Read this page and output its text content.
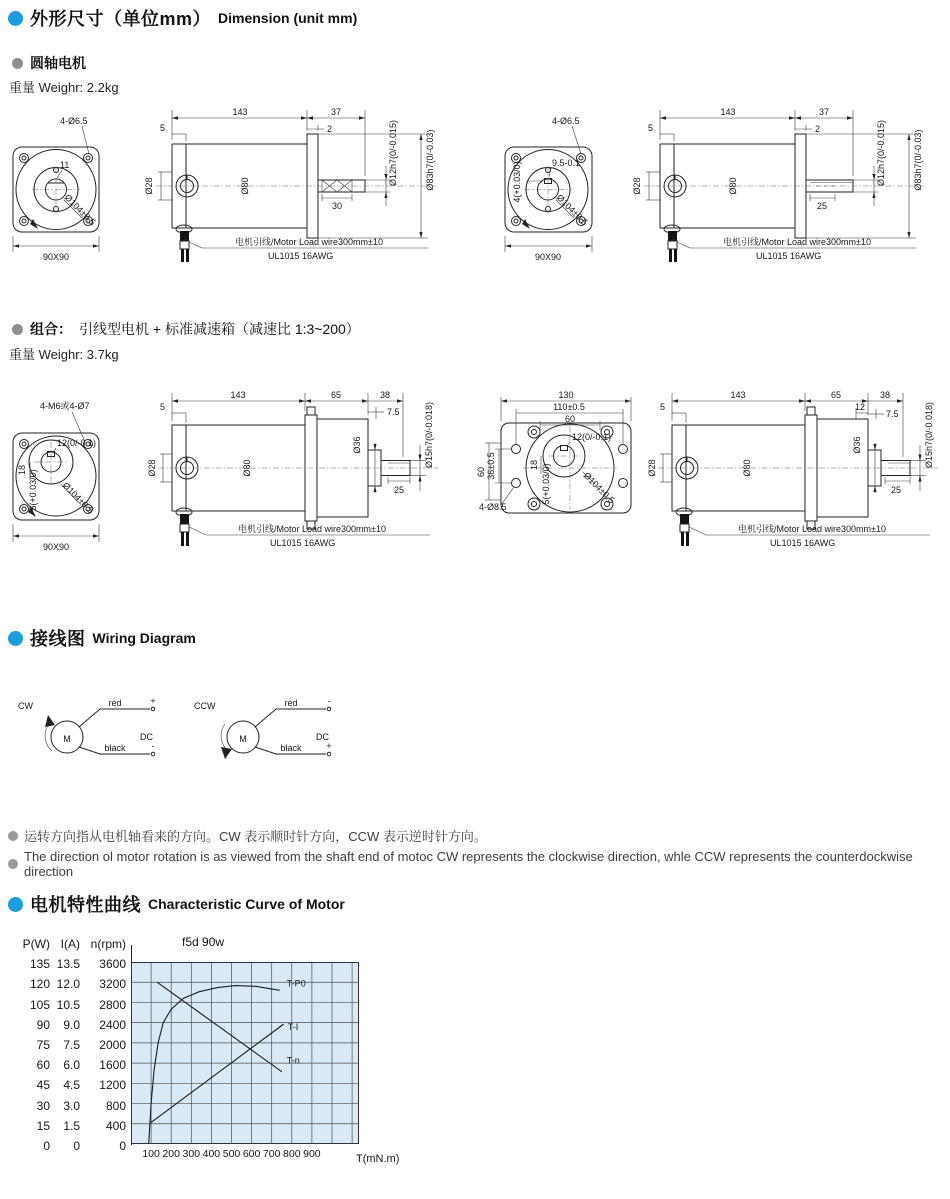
外形尺寸（单位mm） Dimension (unit mm)
圆轴电机
重量 Weighr: 2.2kg
4-Ø6.5
11
Ø104±0.5
90X90
143	37
2
5
Ø28	Ø80
30
Ø12h7(0/-0.015)	Ø83h7(0/-0.03)
电机引线/Motor Load wire300mm±10
UL1015 16AWG
4-Ø6.5
9.5-0.1
4(+0.03/0)
Ø104±0.5
90X90
143	37
2
5
Ø28	Ø80
25
Ø12h7(0/-0.015)	Ø83h7(0/-0.03)
电机引线/Motor Load wire300mm±10
UL1015 16AWG
组合： 引线型电机 + 标准减速箱（减速比 1:3~200）
重量 Weighr: 3.7kg
4-M6或4-Ø7
12(0/-0.1)
18 5(+0.03/0)	Ø104±0.5
90X90
143	65	38
7.5
5
Ø28	Ø80
Ø36
25
Ø15h7(0/-0.018)
电机引线/Motor Load wire300mm±10
UL1015 16AWG
130
110±0.5
60
60 36±0.5	18
12(0/-0.1)
5(+0.03/0)	Ø104±0.5
4-Ø8.5
143	65	38
12
7.5
5
Ø28	Ø80
Ø36
25
Ø15h7(0/-0.018)
电机引线/Motor Load wire300mm±10
UL1015 16AWG
接线图 Wiring Diagram
CW
M
red	+
black	-
DC
CCW
M
red	-
black	+
DC
运转方向指从电机轴看来的方向。CW 表示顺时针方向，CCW 表示逆时针方向。
The direction ol motor rotation is as viewed from the shaft end of motoc CW represents the clockwise direction, whle CCW represents the counterdockwise direction
电机特性曲线 Characteristic Curve of Motor
f5d 90w
P(W) I(A) n(rpm)
135 13.5	3600
120 12.0	3200
105 10.5	2800
90	9.0	2400
75	7.5	2000
60	6.0	1600
45	4.5	1200
30	3.0	800
15	1.5	400
0	0	0
T-P0
T-I
T-n
100 200 300 400 500 600 700 800 900	T(mN.m)
